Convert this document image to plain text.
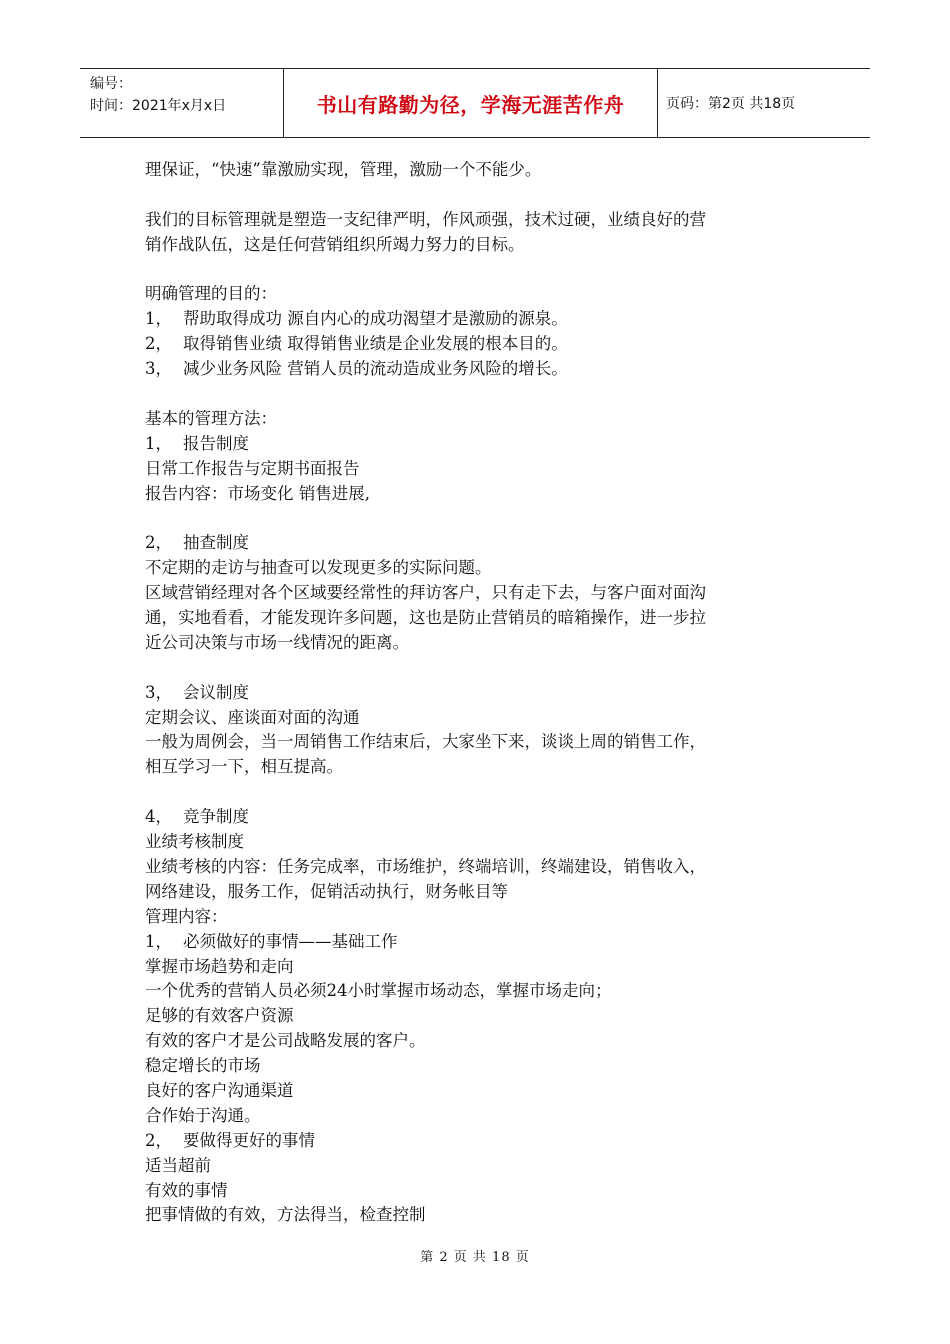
编号：
时间：2021年x月x日	书山有路勤为径，学海无涯苦作舟	页码：第2页 共18页
理保证，“快速”靠激励实现，管理，激励一个不能少。
我们的目标管理就是塑造一支纪律严明，作风顽强，技术过硬，业绩良好的营
销作战队伍，这是任何营销组织所竭力努力的目标。
明确管理的目的：
1， 帮助取得成功 源自内心的成功渴望才是激励的源泉。
2， 取得销售业绩 取得销售业绩是企业发展的根本目的。
3， 减少业务风险 营销人员的流动造成业务风险的增长。
基本的管理方法：
1， 报告制度
日常工作报告与定期书面报告
报告内容：市场变化 销售进展,
2， 抽查制度
不定期的走访与抽查可以发现更多的实际问题。
区域营销经理对各个区域要经常性的拜访客户，只有走下去，与客户面对面沟
通，实地看看，才能发现许多问题，这也是防止营销员的暗箱操作，进一步拉
近公司决策与市场一线情况的距离。
3， 会议制度
定期会议、座谈面对面的沟通
一般为周例会，当一周销售工作结束后，大家坐下来，谈谈上周的销售工作，
相互学习一下，相互提高。
4， 竞争制度
业绩考核制度
业绩考核的内容：任务完成率，市场维护，终端培训，终端建设，销售收入，
网络建设，服务工作，促销活动执行，财务帐目等
管理内容：
1， 必须做好的事情——基础工作
掌握市场趋势和走向
一个优秀的营销人员必须24小时掌握市场动态，掌握市场走向；
足够的有效客户资源
有效的客户才是公司战略发展的客户。
稳定增长的市场
良好的客户沟通渠道
合作始于沟通。
2， 要做得更好的事情
适当超前
有效的事情
把事情做的有效，方法得当，检查控制
第 2 页 共 18 页
